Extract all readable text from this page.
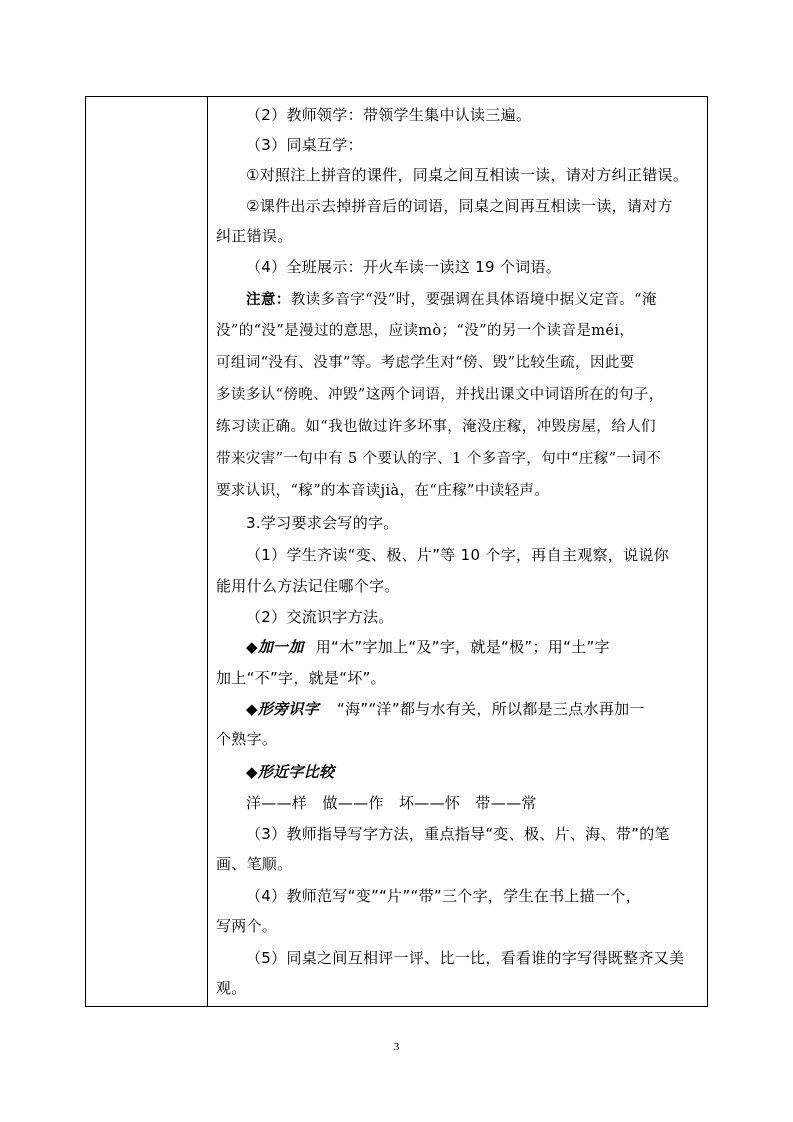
（2）教师领学：带领学生集中认读三遍。
（3）同桌互学：
①对照注上拼音的课件，同桌之间互相读一读，请对方纠正错误。
②课件出示去掉拼音后的词语，同桌之间再互相读一读，请对方
纠正错误。
（4）全班展示：开火车读一读这 19 个词语。
注意：教读多音字“没”时，要强调在具体语境中据义定音。“淹
没”的“没”是漫过的意思，应读mò；“没”的另一个读音是méi，
可组词“没有、没事”等。考虑学生对“傍、毁”比较生疏，因此要
多读多认“傍晚、冲毁”这两个词语，并找出课文中词语所在的句子，
练习读正确。如“我也做过许多坏事，淹没庄稼，冲毁房屋，给人们
带来灾害”一句中有 5 个要认的字、1 个多音字，句中“庄稼”一词不
要求认识，“稼”的本音读jià，在“庄稼”中读轻声。
3.学习要求会写的字。
（1）学生齐读“变、极、片”等 10 个字，再自主观察，说说你
能用什么方法记住哪个字。
（2）交流识字方法。
◆加一加 用“木”字加上“及”字，就是“极”；用“土”字
加上“不”字，就是“坏”。
◆形旁识字 “海”“洋”都与水有关，所以都是三点水再加一
个熟字。
◆形近字比较
洋——样　做——作　坏——怀　带——常
（3）教师指导写字方法，重点指导“变、极、片、海、带”的笔
画、笔顺。
（4）教师范写“变”“片”“带”三个字，学生在书上描一个，
写两个。
（5）同桌之间互相评一评、比一比，看看谁的字写得既整齐又美
观。
3
